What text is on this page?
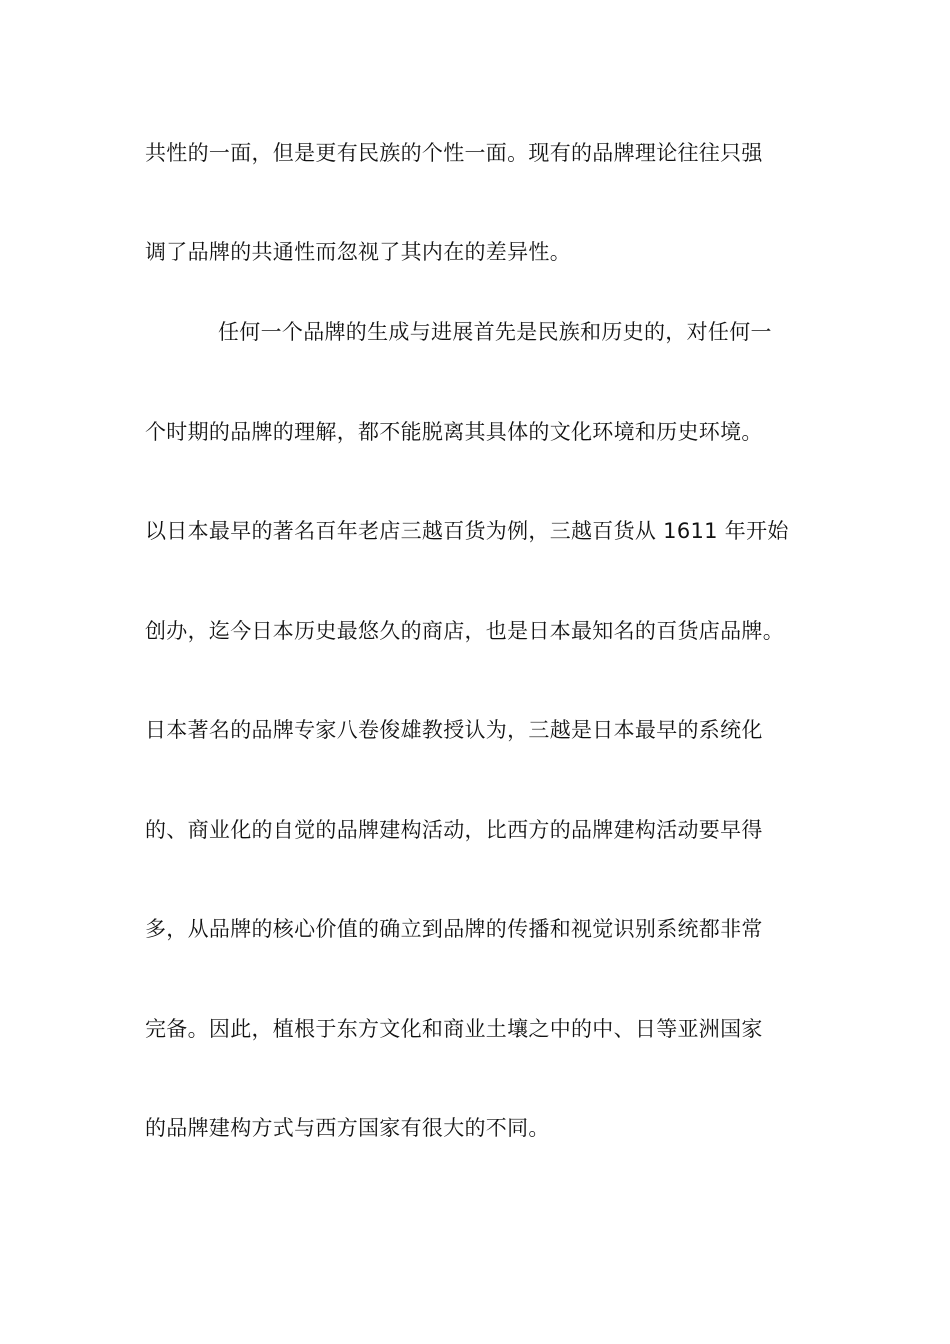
共性的一面，但是更有民族的个性一面。现有的品牌理论往往只强

调了品牌的共通性而忽视了其内在的差异性。

任何一个品牌的生成与进展首先是民族和历史的，对任何一

个时期的品牌的理解，都不能脱离其具体的文化环境和历史环境。

以日本最早的著名百年老店三越百货为例，三越百货从 1611 年开始

创办，迄今日本历史最悠久的商店，也是日本最知名的百货店品牌。

日本著名的品牌专家八卷俊雄教授认为，三越是日本最早的系统化

的、商业化的自觉的品牌建构活动，比西方的品牌建构活动要早得

多，从品牌的核心价值的确立到品牌的传播和视觉识别系统都非常

完备。因此，植根于东方文化和商业土壤之中的中、日等亚洲国家

的品牌建构方式与西方国家有很大的不同。
